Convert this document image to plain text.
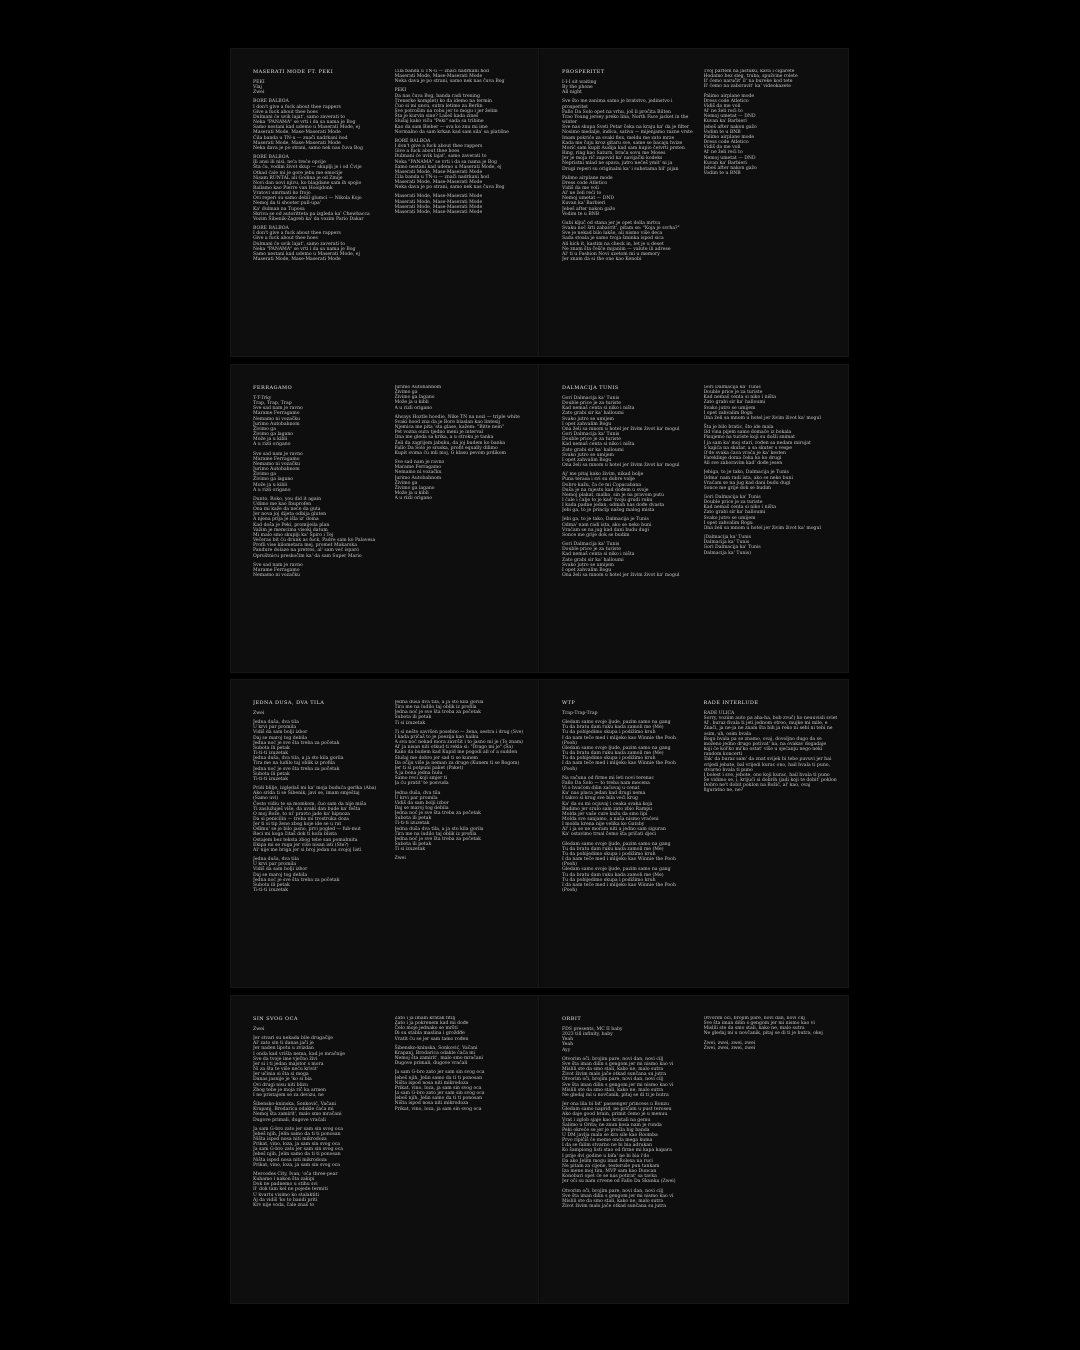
MASERATI MODE FT. PEKI
PEKI
Vlaj
Zwei
BORE BALBOA
I don't give a fuck about thee rappers
Give a fuck about thee hoes
Dulmani će uvik lajat', samo zaverati to
Neka "PANAMA" se vrti i da sa nama je Bog
Samo nestani kad udemo u Maserati Mode, ej
Maserati Mode, Mase-Maserati Mode
Ćila banda u TN-u — znači nadrkani hod
Maserati Mode, Mase-Maserati Mode
Neka dava je po strani, samo nek nas čuva Bog
BORE BALBOA
Ili ansi ili nisi, ne'a treće opcije
Šta ću, vodim život skup — skuplji je i od Ćvije
Otkad ćale mi je gore jebu me emocije
Nisam RUNTAL ali Godina je od Zmije
Novi dan novi njivu, ko blagdane sam ih spojio
Ballamo kao Pierre van Hooijdonk
Vratovi umrmati ko frojo
Ovi reperi su samo debil glumci — Nikola Kojo
Nemoj da ti shooter pull-upa'
Ka' dulman na Tuposa
Skriva se od autoritteta pa izgleda ka' Chewbacca
Vozim Šibenik-Zagreb ka' da vozim Pario Dakar
BORE BALBOA
I don't give a fuck about thee rappers
Give a fuck about thee hoes
Dulmani će uvik lajat', samo zaverati to
Neka "PANAMA" se vrti i da sa nama je Bog
Samo nestani kad udemo u Maserati Mode, ej
Maserati Mode, Mase-Maserati Mode
Ćila banda u TN-u — znači nadrkani hod
Maserati Mode, Mase-Maserati Mode
Neka dava je po strani, samo nek nas čuva Bog
PEKI
Da nas čuva Bog, banda radi trening
Trenerke komplet) ko da idemo na termin
Ćuo si mi uncu, sutra letimo za Berlin
Sve potrošim na robu jer to mogu i jer želim
Šta je kurvin sine? Lašeš kada zineš
Slušaj kako viču "Peki" sada sa tribine
Kao da sam Bieber — sva ko znu mi ime
Normalno da sam krkan kad sam sila' sa platišne
BORE BALBOA
I don't give a fuck about thee rappers
Give a fuck about thee hoes
Dulmani će uvik lajat', samo zaverati to
Neka "PANAMA" se vrti i da sa nama je Bog
Samo nestani kad udemo u Maserati Mode, ej
Maserati Mode, Mase-Maserati Mode
Ćila banda u TN-u — znači nadrkani hod
Maserati Mode, Mase-Maserati Mode
Neka dava je po strani, samo nek nas čuva Bog
Maserati Mode, Mase-Maserati Mode
Maserati Mode, Mase-Maserati Mode
Maserati Mode, Mase-Maserati Mode
Maserati Mode, Mase-Maserati Mode
PROSPERITET
I-I-I sit waiting
By the phone
All night
Sve što me zanima samo je bratstvo, jedinstvo i
prosperitet
Fallo Da Solo opet na vrhu, još li pročita Bilten
Trao Young jersey preko lina, North Face jacket in the
winter
Sve nas skupa Sveti Petar čeka na kraju ka' da je filter
Nosimo medalje, indica, sativa — mijenjamo razne vrste
Imam pokriće za svaki flex, meldu me zato mrze
Kada me čuju kroz gitaru sve, same se bacaju hvize
Morić sam kupit Audija kad sam kupio četvrti prsten
Ring, ring kao Saturn, braća sovu me Moses
Jer je moja rič zapovid ka' navijački kodeks
Nepristni mlad ne spava, jutro nećeš ymit' ni ja
Drugi reperi su originalni ka' i suhotama bil' pijan
Palimo airplane mode
Dress code Atletico
Vidiš da me voli
Al' ne želi reći to
Nemoj umetat — DND
Kuvan ka' Barbieri
Jebeš after nakon gažo
Vodim te u BNB
Gubi ključ od stana jer je opet dolla mrtva
Svaku noć šrti zabavrit', pitam se: "Koja je svrha?"
Sve je nekad bilo lakše, ali nismo više deca
Sada stoala je samo tvoja šminka ispod sica
Ali kick it, kastim na check in, let je u deset
Ne znam šta češće mijanim — valute ili adrese
Al' ti u Fashion Novi uzetom mi u memory
Jer znam da si the one kao Kenobi
Tvoj parfem na jastuku, kava i cigarete
Hodamo bez sleg, truba, spužvine rolete
Il' ćemo naručit' il' na burekе kod tete
Il' ćemo na zaboravit' ka' videokazete
Palimo airplane mode
Dress code Atletico
Vidiš da me voli
Al' ne želi reći to
Nemoj umetat — DND
Kuvan ka' Barbieri
Jebeš after nakon gažo
Vodim te u BNB
Palimo airplane mode
Dress code Atletico
Vidiš da me voli
Al' ne želi reći to
Nemoj umetat — DND
Kuvan ka' Barbieri
Jebeš after nakon gažo
Vodim te u BNB
FERRAGAMO
T-T-Trky
Trap, Trap, Trap
Sve sad nam je ravno
Marame Ferragamo
Nemamo ni vozačku
Jurimo Autobahnom
Živimo ga
Živimo ga lagano
Može ja u kibli
A u rizli origano
Sve sad nam je ravno
Marame Ferragamo
Nemamo ni vozačku
Jurimo Autobahnom
Živimo ga
Živimo ga lagano
Može ja u kibli
A u rizli origano
Dunto, Roko, you did it again
Udimo me kao Ibuprofen
Ona mi kaže da neće da guta
Jer nova joj dijeta odbija gluten
A njena prija je išla iz' doma
Kad doša je Peki, promijeila plan
Važim je memcima visoki datum
Mi malo smo skuplji ka' Špiro i Tej
Večeras bit ću drunk as fuck, Padre sam ko Palavesa
Profli vise kilometara mej, promet Makarska
Pandure dolaze na pretres, al' sam već isparo
Opruštnicu preskočim ka' da sam Super Mario
Sve sad nam je ravno
Marame Ferragamo
Nemamo ni vozačku
Jurimo Autobahnom
Živimo ga
Živimo ga lagano
Može ja u kibli
A u rizli origano
Always Hoztle hoodie, Nike TN na nozi — triple white
Svaki hood zna da je Bore blaslan kao lintesij
Njemica me pita 'sta glase, kažem: "Bitte nein"
Pet vozna oura tjedno meni je interval
Ona me gleda sa krika, a u stroku je tanka
Želi da zagrijem jabuku, da joj budem ko banka
Fallo Da Solo je sruska, profit equally dilimo
Kupit svima ću mli moj, G klasu pevom prdikom
Sve sad nam je ravno
Marame Ferragamo
Nemamo ni vozačku
Jurimo Autobahnom
Živimo ga
Živimo ga lagano
Može ja u kibli
A u rizli origano
DALMACIJA TUNIS
Gori Dalmacija ka' Tunis
Double price je za turiste
Kad nemaš centa si niko i ništa
Zato grabi sir ka' halloumi
Svako jutro se umijem
I opet zahvalim Bogu
Ona želi sa mnom u hotel jer živim život ka' mogul
Gori Dalmacija ka' Tunis
Double price je za turiste
Kad nemaš centa si niko i ništa
Zato grabi sir ka' halloumi
Svako jutro se umijem
I opet zahvalim Bogu
Ona želi sa mnom u hotel jer živim život ka' mogul
Aj' me pitaj kako živim, nikad bolje
Puna terasa i svi su dobre volje
Dobro kažu, ča će mi Copacabana
Duša je na mjestu kad dođem u svoje
Nemoj plakat, malko, sin je na pravom putu
I ćale i ćalje to je kad' tvoju grudi ruku
I kada padne jedan, odmah nas dođe dvasta
Jebi ga, to je princip našeg malog mista
Jebi ga, to je tako, Dalmacija je Tunis
Odma' nam radi ista, ako se neko buni
Vraćam se na jug kad dani budu dugi
Sonce me grije dok se budim
Gori Dalmacija ka' Tunis
Double price je za turiste
Kad nemaš centa si niko i ništa
Zato grabi sir ka' halloumi
Svako jutro se umijem
I opet zahvalim Bogu
Ona želi sa mnom u hotel jer živim život ka' mogul
Gori Dalmacija ka' Tunis
Double price je za turiste
Kad nemaš centa si niko i ništa
Zato grabi sir ka' halloumi
Svako jutro se umijem
I opet zahvalim Bogu
Ona želi sa mnom u hotel jer živim život ka' mogul
Šta je bilo bratic, što ide mala
Od vina pijem samo domaće iz bokala
Pisujemo na turiste koji su došli snimat
I ja sam ka' moj stari, rođen sa nedam mirujat
S kajića na skutar, a sa skuter s vespe
O'de svaka ćava vraća je ka' kesten
Fareklinje doma čeka ko ko drugi
Ali sve zaboravim kad' dođe jesen
Jebiga, to je tako, Dalmacija je Tunis
Odma' nam radi ista, ako se neko buni
Vraćam se na jug kad dani budu dugi
Sonce me grije dok se budim
Gori Dalmacija ka' Tunis
Double price je za turiste
Kad nemaš centa si niko i ništa
Zato grabi sir ka' halloumi
Svako jutro se umijem
I opet zahvalim Bogu
Ona želi sa mnom u hotel jer živim život ka' mogul
(Dalmacija ka' Tunis
Dalmacija ka' Tunis
Gori Dalmacija ka' Tunis
Dalmacija ka' Tunis)
JEDNA DUŠA, DVA TILA
Zwei
Jedna duša, dva tila
U krvi par promila
Vidiš da sam bolji izbor
Daj se maroj tog debila
Jedna noć je sve šta treba za početak
Subota ili petak
Ti-ti-ti izuzetak
Jedna duša, dva tila, a ja sto kila gorila
Tira me na ludilo taj oblik iz profila
Jedna noć je sve šta treba za početak
Subota ili petak
Ti-ti-ti izuzetak
Pridi blilje, izgledaš mi ka' moja budućа gеrlka (Aha)
Ako srida ti se Šibenik, javi se, imam smještaj
(Samo uvi)
Često vidiu te sa momkom, ćuo sam da nije miša
Ti zaslužuješ više, da uvaki dan bude ka' fešta
O moj Bože, to ni' pravto jade ka' hipnoza
Da si penicilin — treba mi trostruka doza
Jer ti si tip ženе zbog koje ide se u rat
Odlmu' se je bilo jasno, prvi pogled — fub-mut
Reci mi koga čitaš dok ti koža blista
Ostajem bez teksta zbog tebe san pomahnita
Ekipa mi se ruga jer više nisan isti (Ste?)
Al' nije me briga jer si broj jedan na svojoj listi
Jedna duša, dva tila
U krvi par promila
Vidiš da sam bolji izbor
Daj se maroj tog debila
Jedna noć je sve šta treba za početak
Subota ili petak
Ti-ti-ti izuzetak
Jedna duša dva tila, a ja sto kila gorila
Tira me na ludilo taj oblik iz profila
Jedna noć je sve šta treba za početak
Subota ili petak
Ti si izuzetak
Ti si nešto savršen posebno — žena, sestra i drug (Sve)
I kada pričaš to je poezija kao haiku
A sva noć nekad mora završit i to jasno mi je (To znam)
Al' ja nisan niti otkud ti rekla si: "Drago mi je" (Ša)
Kako da budem kad Kupid me pogodi all of a sudden
Slušaj me dobro jer sad ti se kunem
Da očiju više ja neman za druge (Kunem ti se Bogom)
Jer ti si potpuni paket (Paket)
A ja bona jedna hulu
Samo reci koji smjer ti
Ja ću pratit' te posvuda
Jedna duša, dva tila
U krvi par promila
Vidiš da sam bolji izbor
Daj se maroj tog debila
Jedna noć je sve šta treba za početak
Subota ili petak
Ti-ti-ti izuzetak
Jedna duša dva tila, a ja sto kila gorila
Tira me na ludilo taj oblik iz profila
Jedna noć je sve šta treba za početak
Subota ili petak
Ti si izuzetak
Zwei
WTP
Trap-Trap-Trap
Gledam samo svoje ljude, pazim samo na gang
Tu da bratu dam ruku kada zamoli me (Me)
Tu da pobijedimo skupa i podižimo kruh
I da nam teče med i mlijeko kao Winnie the Pooh
(Pooh)
Gledam samo svoje ljude, pazim samo na gang
Tu da bratu dam ruku kada zamoli me (Me)
Tu da pobijedimo skupa i podižimo kruh
I da nam teče med i mlijeko kao Winnie the Pooh
(Pooh)
Na računa od firme mi leti novi terenac
Fallo Da Solo — to treba nam mecena
Vi s hvaćom dilin zaćuvaj u cenat
Ka' nas placa jedan kad drugi nema
I takvo si krug sve bila veći krug
Ka' da su mi ocjuvaj i ceaka svaka koja
Budimo jer srulo sam zato zbio Rampu
Molda jer vaše cure kažu da smo lipi
Molda sve sanjamo, a naša nismo vraćeni
I molda krena nije velika ko Gatsby
Al' i ja se ne moram niti a jedno sam siguran
Ka' ostavimo trnal čemo šta pričati djeci
Gledam samo svoje ljude, pazim samo na gang
Tu da bratu dam ruku kada zamoli me (Me)
Tu da pobijedimo skupa i podižimo kruh
I da nam teče med i mlijeko kao Winnie the Pooh
(Pooh)
Gledam samo svoje ljude, pazim samo na gang
Tu da bratu dam ruku kada zamoli me (Me)
Tu da pobijedimo skupa i podižimo kruh
I da nam teče med i mlijeko kao Winnie the Pooh
(Pooh)
RADE INTERLUDE
RADE ULICA
Sorry, voziim auto pa aha-ha, bub zvuč) ko neuuvisli sviet
Al', buraz fivala ti jeti jednom otroo, mujke mi mile, e
Znači, ja ne-ja ne znam šta bih ja reko ni sebi ni tebi ne
osim, uh, osim bvala
Bogu hvala pa se znamo, ovaj, dovoljno dugo da se
moženo jedno drugo potivat' na, na ovakav dogadaje
koji će kol'ko mi'ko ostat' više u sjećanju nego neki
random koncerti
Tak' da buraz sam' da znat svijek bi tebe puvuvi jer hai
vrijedi jebate, bal vrijedi kurac ono, hail hvala ti puno,
stvarno hvala ti puno
I bolest i sve, jebote, ono koji kurac, hail hvala ti puno
Še vidimo se, i, krijući si dobrih (jadi koji te dobit' poklon
Dobro ne't dobit poklon na Božić, al' kao, ovaj
figuratno ne, ne?
SIN SVOG OCA
Zwei
Jer stvari su nekada bile drugačije
Al' zato sin ti danas jači je
Jer naden lipotu u zvizdan
I onda kad vrišla nema, kad je mračnije
Sve da tvoje ime vječno živi
Jer si i ti jedan majstor s mora
Ni za šta te više neću krivit'
Jer učinia si šta si moga
Danas jasnije je 'ko si bia
Ovi drugi nisu niti blizu
Zbog tebe je moja rič ka armen
I ne pristajem se za devizu, ne
Šibensko-kninska, Sonković, Vačani
Krapanj, Brodarica odakle ćaća mi
Nemoj šta zamirit', malo smo mračani
Dugove primali, dugove vraćali
Ja sam G-bro zato jer sam sin svog oca
Jebeš njih, Jelin samo da ti ti ponosan
Ništa ispod nosa niti mikrodoza
Prikat, vino, loza, ja sam sin svog oca
Ja sam G-bro zato jer sam sin svog oca
Jebeš njih, Jelin samo da ti ti ponosan
Ništa ispod nosa niti mikrodoza
Prikat, vino, loza, ja sam sin svog oca
Mercedes City, Ivan, 'oča three-pear
Kuhamo i nakon šta zakipi
Dok ne padnemo u stihu svi
Il' dok tam kel ne pojede termiti
U kvartu visimo ko stalaktiti
Aj da vidiš 'ko to bandi priti
Krv nije voda, čale znaš to
Zato i ja imam kratak fitilj
Zato i ja pokrenem kad mi dođe
Čelo moje jednako se mrští
Di su stabla maslina i groždđe
Vratit ću se jer sam tamo rođen
Šibensko-kninska, Sonković, Vačani
Krapanj, Brodarica odakle ćaća mi
Nemoj šta zamirit', malo smo mračani
Dugove primali, dugove vraćali
Ja sam G-bro zato jer sam sin svog oca
Jebeš njih, Jelin samo da ti ti ponosan
Ništa ispod nosa niti mikrodoza
Prikat, vino, loza, ja sam sin svog oca
Ja sam G-bro zato jer sam sin svog oca
Jebeš njih, Jelin samo da ti ti ponosan
Ništa ispod nosa niti mikrodoza
Prikat, vino, loza, ja sam sin svog oca
ORBIT
FDS presents, MC II baby
2023 till infinity, baby
Yeah
Yeah
Ayy
Otvorim oči, brojim pare, novi dan, novi cilj
Sve šta iman dilin s gengom jer mi nismo kao vi
Mislili ste da smo stali, kako ne, malo sutra
Život živim malo jače otkad sunčana su jutra
Otvorim oči, brojim pare, novi dan, novi cilj
Sve šta iman dilin s gengom jer mi nismo kao vi
Mislili ste da smo stali, kako ne, malo sutra
Ne gledaj mi u novčanik, pitaj se di ti je butra
Jer ona lila bi bit' passenger princess u Bonzu
Gledam samo napriđ, ne pričam u pust teroseu
Ako daje good brain, primit ćemo je u menuu
Vrat i zglob sjaje kao kristali na gemu
Šalimo u Orita; ne znun kosa nam je runda
Peki okreće se jer je prošla big banda
U DM javlja mala se kra sile kao Roomba
Prvo ripičiš će meme onda mega kuma
I da se falim stvarno ne bi bia adrukan
Ko šampiong listi stao od firme mi kapa kapara
I prije dvi godine u bifa' ne bi bia i'do
Da ako Jelim mogu imat Rolexa na ruci
Ne pitam za cijene, testeruše pun tankam
Iza mene moj tim, MVP sam kao Duncan
Konobari opet će se nas potirat' sa tavka
Jer oči su nam crvene od Fallo Da Skunka (Zwei)
Otvorim oči, brojim pare, novi dan, novi cilj
Sve šta iman dilin s gengom jer mi nismo kao vi
Mislili ste da smo stali, kako ne, malo sutra
Život živim malo jače otkad sunčana su jutra
Otvorim oči, brojim pare, novi dan, novi cilj
Sve šta iman dilin s gengom jer mi nismo kao vi
Mislili ste da smo stali, kako ne, malo sutra
Ne gledaj mi u novčanik, pitaj se di ti je butra, okej
Zwei, zwei, zwei, zwei
Zwei, zwei, zwei, zwei
